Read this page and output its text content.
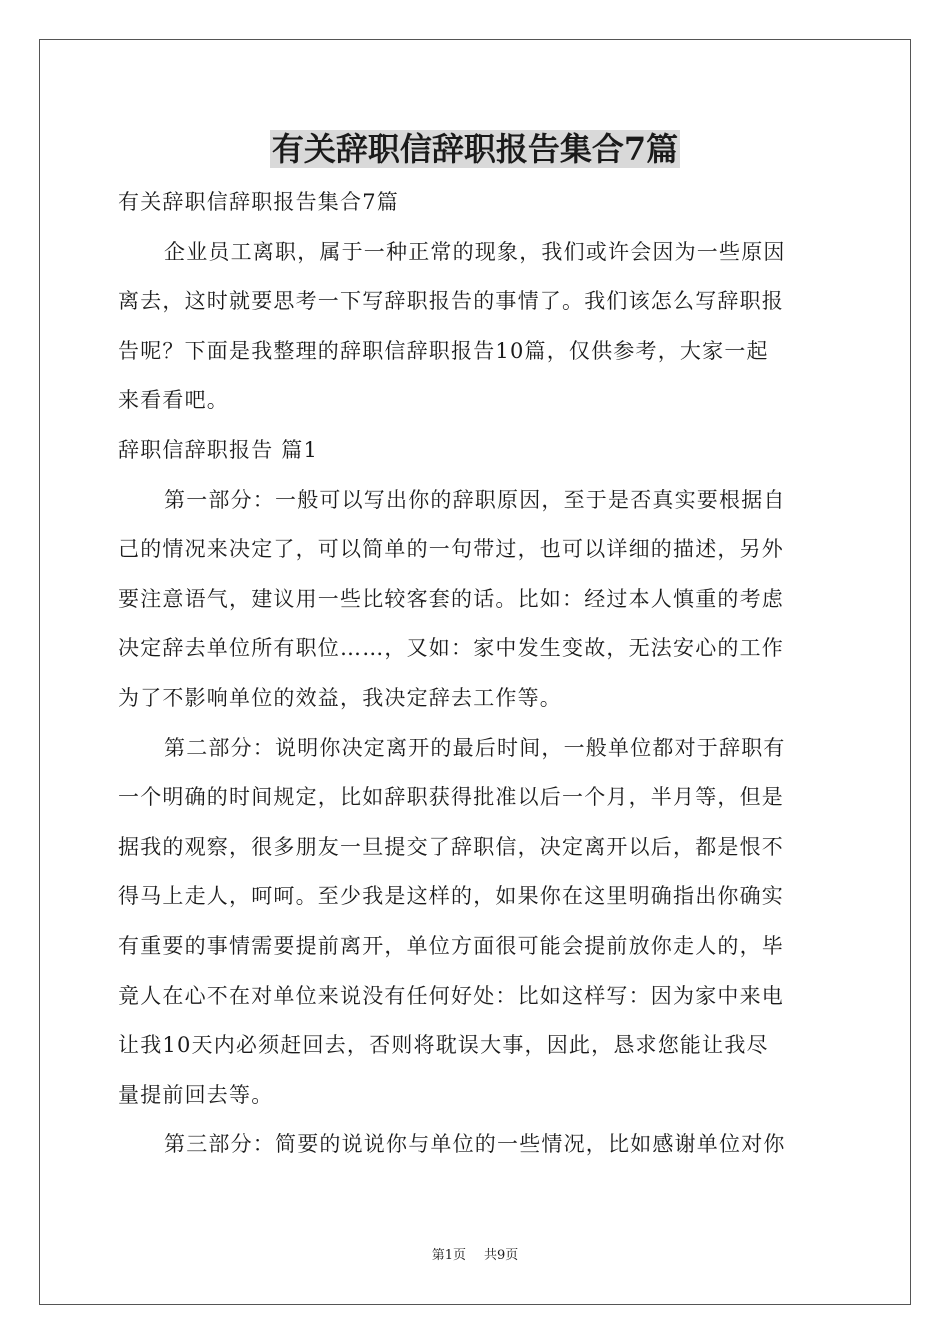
有关辞职信辞职报告集合7篇

有关辞职信辞职报告集合7篇

企业员工离职，属于一种正常的现象，我们或许会因为一些原因

离去，这时就要思考一下写辞职报告的事情了。我们该怎么写辞职报

告呢？下面是我整理的辞职信辞职报告10篇，仅供参考，大家一起

来看看吧。

辞职信辞职报告 篇1

第一部分：一般可以写出你的辞职原因，至于是否真实要根据自

己的情况来决定了，可以简单的一句带过，也可以详细的描述，另外

要注意语气，建议用一些比较客套的话。比如：经过本人慎重的考虑

决定辞去单位所有职位……，又如：家中发生变故，无法安心的工作

为了不影响单位的效益，我决定辞去工作等。

第二部分：说明你决定离开的最后时间，一般单位都对于辞职有

一个明确的时间规定，比如辞职获得批准以后一个月，半月等，但是

据我的观察，很多朋友一旦提交了辞职信，决定离开以后，都是恨不

得马上走人，呵呵。至少我是这样的，如果你在这里明确指出你确实

有重要的事情需要提前离开，单位方面很可能会提前放你走人的，毕

竟人在心不在对单位来说没有任何好处：比如这样写：因为家中来电

让我10天内必须赶回去，否则将耽误大事，因此，恳求您能让我尽

量提前回去等。

第三部分：简要的说说你与单位的一些情况，比如感谢单位对你

第1页 共9页
